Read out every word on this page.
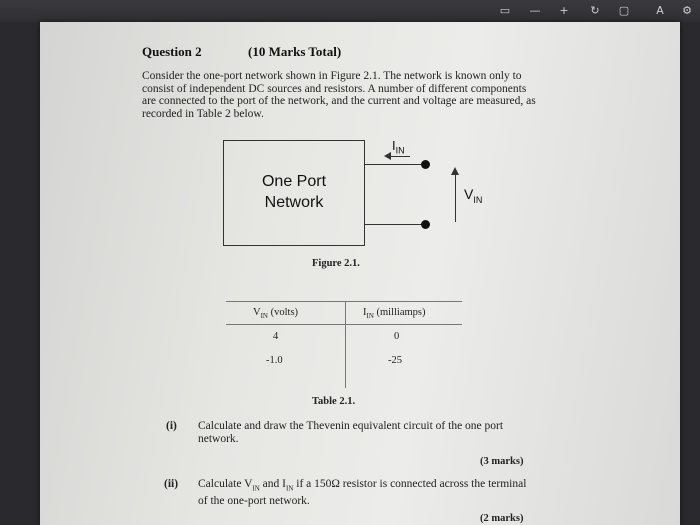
▭ — + ↻ ▢ A ⚙
Question 2	(10 Marks Total)
Consider the one-port network shown in Figure 2.1. The network is known only to
consist of independent DC sources and resistors. A number of different components
are connected to the port of the network, and the current and voltage are measured, as
recorded in Table 2 below.
One Port
Network
$I_{IN}$
$V_{IN}$
Figure 2.1.
$V_{IN}$ (volts)	$I_{IN}$ (milliamps)
4	0
-1.0	-25
Table 2.1.
(i) Calculate and draw the Thevenin equivalent circuit of the one port
network.
(3 marks)
(ii) Calculate $V_{IN}$ and $I_{IN}$ if a 150Ω resistor is connected across the terminal
of the one-port network.
(2 marks)
